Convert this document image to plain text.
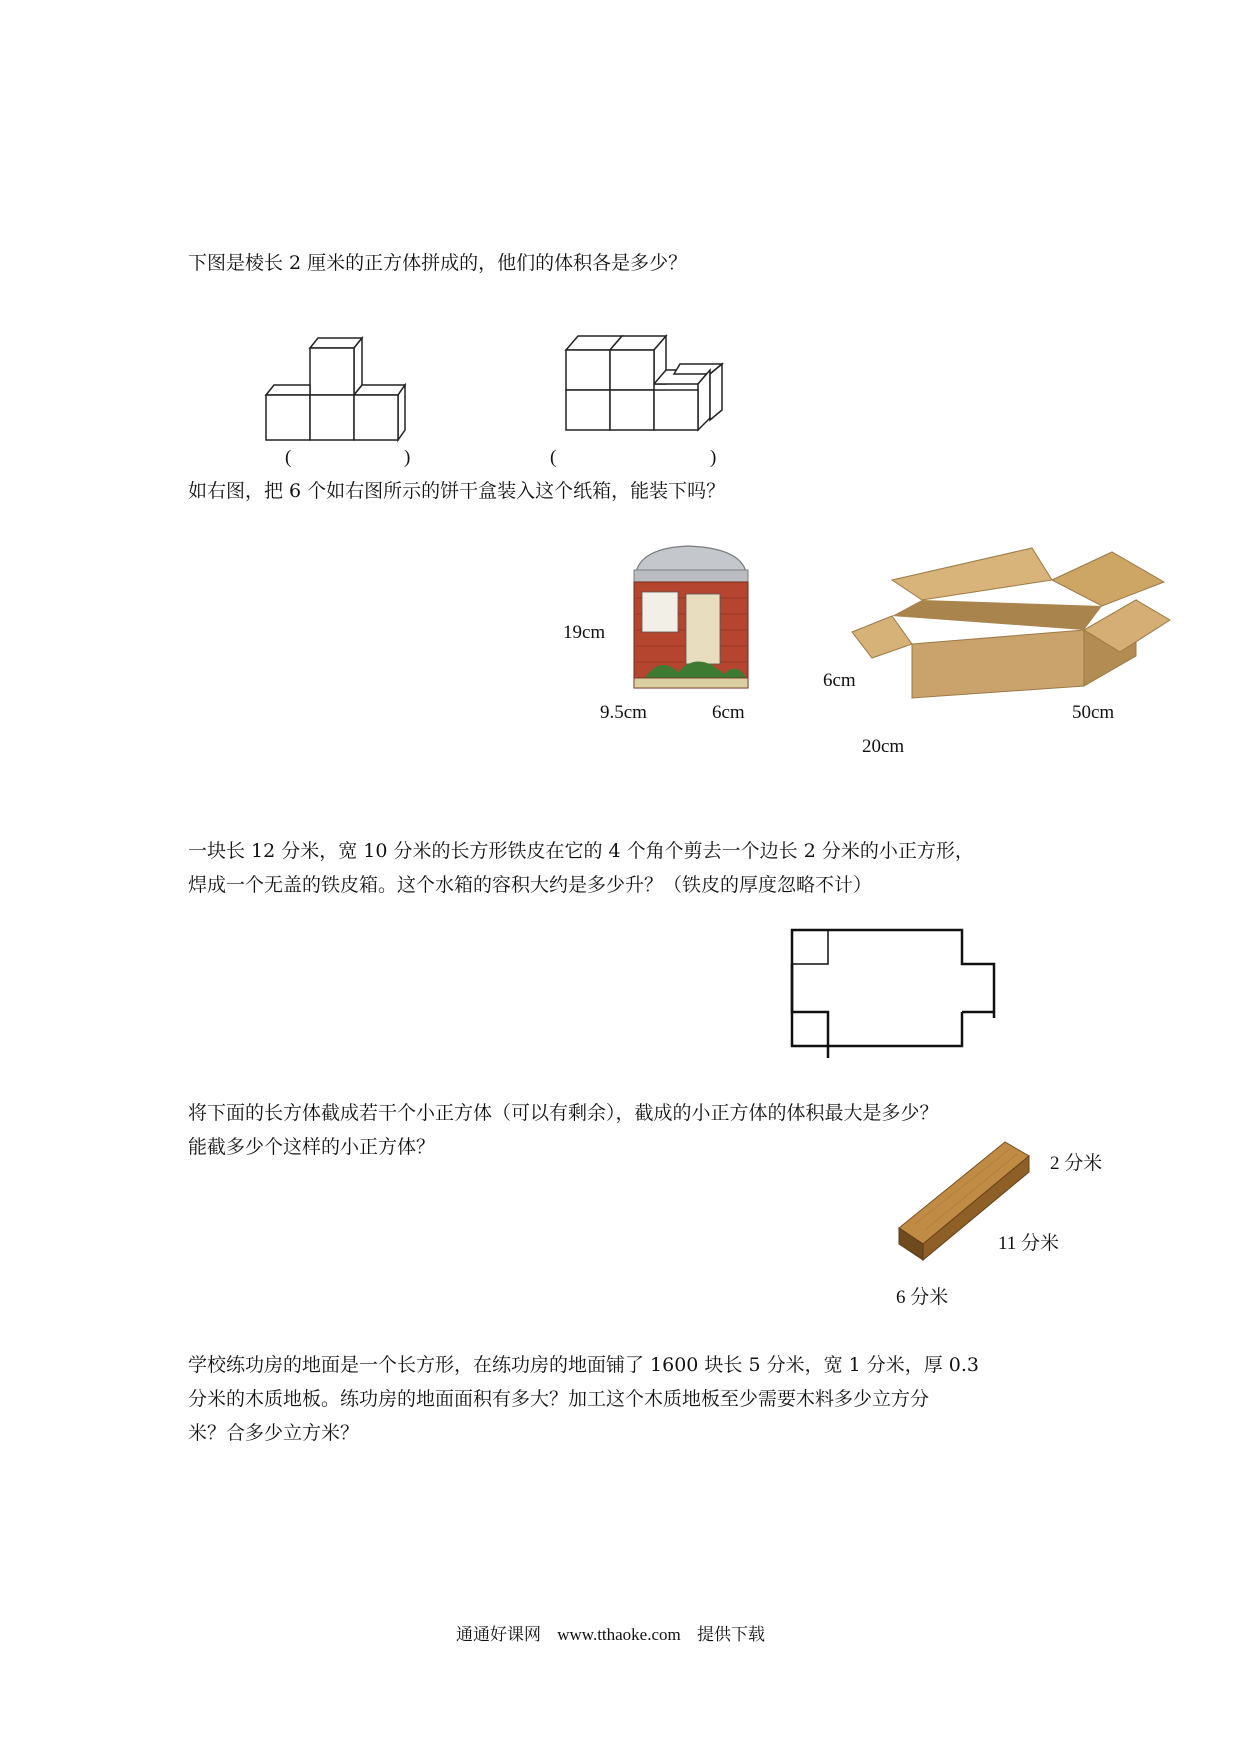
下图是棱长 2 厘米的正方体拼成的，他们的体积各是多少？
(	)	(	)
如右图，把 6 个如右图所示的饼干盒装入这个纸箱，能装下吗？
19cm
9.5cm	6cm
6cm
20cm
50cm
一块长 12 分米，宽 10 分米的长方形铁皮在它的 4 个角个剪去一个边长 2 分米的小正方形，
焊成一个无盖的铁皮箱。这个水箱的容积大约是多少升？（铁皮的厚度忽略不计）
将下面的长方体截成若干个小正方体（可以有剩余），截成的小正方体的体积最大是多少？
能截多少个这样的小正方体？
2 分米
11 分米
6 分米
学校练功房的地面是一个长方形，在练功房的地面铺了 1600 块长 5 分米，宽 1 分米，厚 0.3
分米的木质地板。练功房的地面面积有多大？加工这个木质地板至少需要木料多少立方分
米？合多少立方米？
通通好课网 www.tthaoke.com 提供下载
